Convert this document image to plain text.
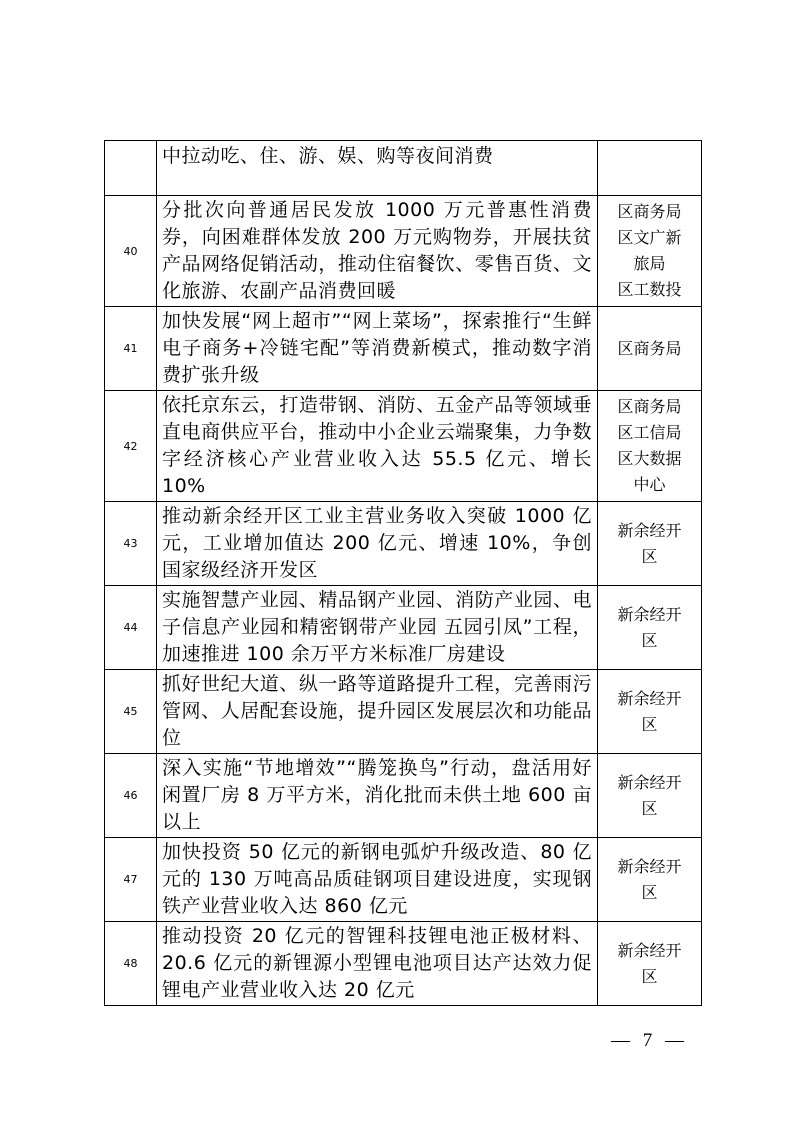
	中拉动吃、住、游、娱、购等夜间消费	
40	分批次向普通居民发放 1000 万元普惠性消费券，向困难群体发放 200 万元购物券，开展扶贫产品网络促销活动，推动住宿餐饮、零售百货、文化旅游、农副产品消费回暖	区商务局
区文广新
旅局
区工数投

41	加快发展“网上超市”“网上菜场”，探索推行“生鲜电子商务+冷链宅配”等消费新模式，推动数字消费扩张升级	区商务局

42	依托京东云，打造带钢、消防、五金产品等领域垂直电商供应平台，推动中小企业云端聚集，力争数字经济核心产业营业收入达 55.5 亿元、增长 10%	区商务局
区工信局
区大数据
中心

43	推动新余经开区工业主营业务收入突破 1000 亿元，工业增加值达 200 亿元、增速 10%，争创国家级经济开发区	新余经开
区

44	实施智慧产业园、精品钢产业园、消防产业园、电子信息产业园和精密钢带产业园 五园引凤”工程，加速推进 100 余万平方米标准厂房建设	新余经开
区

45	抓好世纪大道、纵一路等道路提升工程，完善雨污管网、人居配套设施，提升园区发展层次和功能品位	新余经开
区

46	深入实施“节地增效”“腾笼换鸟”行动，盘活用好闲置厂房 8 万平方米，消化批而未供土地 600 亩以上	新余经开
区

47	加快投资 50 亿元的新钢电弧炉升级改造、80 亿元的 130 万吨高品质硅钢项目建设进度，实现钢铁产业营业收入达 860 亿元	新余经开
区

48	推动投资 20 亿元的智锂科技锂电池正极材料、20.6 亿元的新锂源小型锂电池项目达产达效力促锂电产业营业收入达 20 亿元	新余经开
区
— 7 —
